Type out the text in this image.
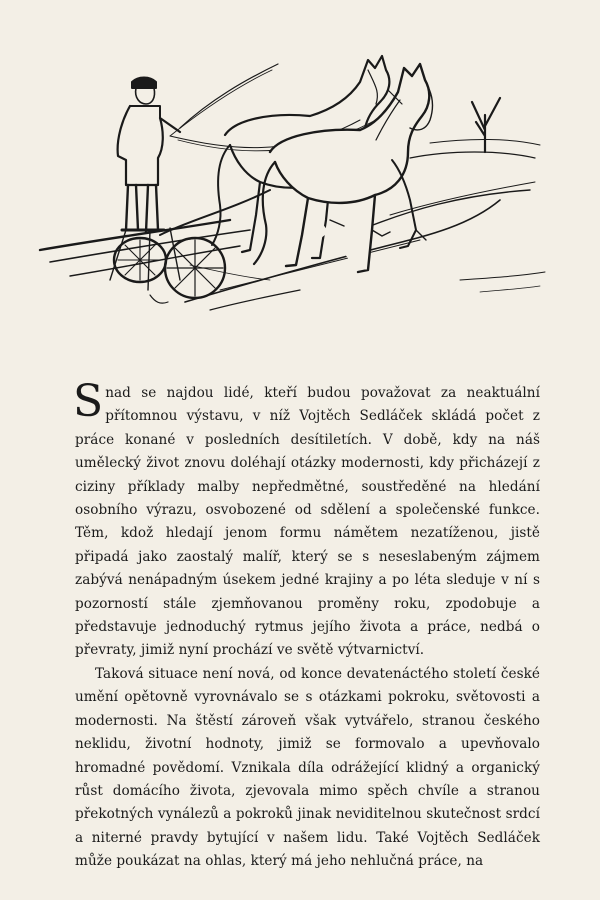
Snad se najdou lidé, kteří budou považovat za neaktuální přítomnou výstavu, v níž Vojtěch Sedláček skládá počet z práce konané v posledních desítiletích. V době, kdy na náš umělecký život znovu doléhají otázky modernosti, kdy přicházejí z ciziny příklady malby nepředmětné, soustředěné na hledání osobního výrazu, osvobozené od sdělení a společenské funkce. Těm, kdož hledají jenom formu námětem nezatíženou, jistě připadá jako zaostalý malíř, který se s neseslabeným zájmem zabývá nenápadným úsekem jedné krajiny a po léta sleduje v ní s pozorností stále zjemňovanou proměny roku, zpodobuje a představuje jednoduchý rytmus jejího života a práce, nedbá o převraty, jimiž nyní prochází ve světě výtvarnictví.

Taková situace není nová, od konce devatenáctého století české umění opětovně vyrovnávalo se s otázkami pokroku, světovosti a modernosti. Na štěstí zároveň však vytvářelo, stranou českého neklidu, životní hodnoty, jimiž se formovalo a upevňovalo hromadné povědomí. Vznikala díla odrážející klidný a organický růst domácího života, zjevovala mimo spěch chvíle a stranou překotných vynálezů a pokroků jinak neviditelnou skutečnost srdcí a niterné pravdy bytující v našem lidu. Také Vojtěch Sedláček může poukázat na ohlas, který má jeho nehlučná práce, na
